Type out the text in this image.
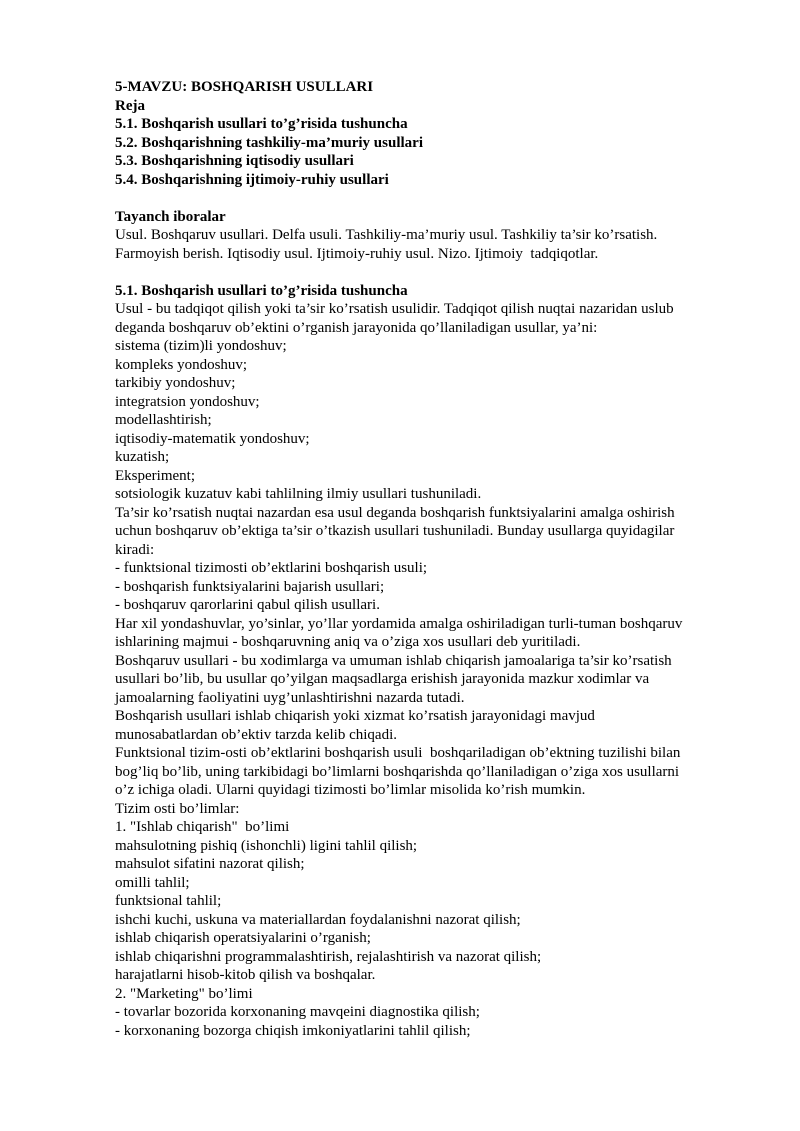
5-MAVZU: BOSHQARISH USULLARI
Reja
5.1. Boshqarish usullari to’g’risida tushuncha
5.2. Boshqarishning tashkiliy-ma’muriy usullari
5.3. Boshqarishning iqtisodiy usullari
5.4. Boshqarishning ijtimoiy-ruhiy usullari
Tayanch iboralar
Usul. Boshqaruv usullari. Delfa usuli. Tashkiliy-ma’muriy usul. Tashkiliy ta’sir ko’rsatish.
Farmoyish berish. Iqtisodiy usul. Ijtimoiy-ruhiy usul. Nizo. Ijtimoiy  tadqiqotlar.
5.1. Boshqarish usullari to’g’risida tushuncha
Usul - bu tadqiqot qilish yoki ta’sir ko’rsatish usulidir. Tadqiqot qilish nuqtai nazaridan uslub
deganda boshqaruv ob’ektini o’rganish jarayonida qo’llaniladigan usullar, ya’ni:
sistema (tizim)li yondoshuv;
kompleks yondoshuv;
tarkibiy yondoshuv;
integratsion yondoshuv;
modellashtirish;
iqtisodiy-matematik yondoshuv;
kuzatish;
Eksperiment;
sotsiologik kuzatuv kabi tahlilning ilmiy usullari tushuniladi.
Ta’sir ko’rsatish nuqtai nazardan esa usul deganda boshqarish funktsiyalarini amalga oshirish
uchun boshqaruv ob’ektiga ta’sir o’tkazish usullari tushuniladi. Bunday usullarga quyidagilar
kiradi:
- funktsional tizimosti ob’ektlarini boshqarish usuli;
- boshqarish funktsiyalarini bajarish usullari;
- boshqaruv qarorlarini qabul qilish usullari.
Har xil yondashuvlar, yo’sinlar, yo’llar yordamida amalga oshiriladigan turli-tuman boshqaruv
ishlarining majmui - boshqaruvning aniq va o’ziga xos usullari deb yuritiladi.
Boshqaruv usullari - bu xodimlarga va umuman ishlab chiqarish jamoalariga ta’sir ko’rsatish
usullari bo’lib, bu usullar qo’yilgan maqsadlarga erishish jarayonida mazkur xodimlar va
jamoalarning faoliyatini uyg’unlashtirishni nazarda tutadi.
Boshqarish usullari ishlab chiqarish yoki xizmat ko’rsatish jarayonidagi mavjud
munosabatlardan ob’ektiv tarzda kelib chiqadi.
Funktsional tizim-osti ob’ektlarini boshqarish usuli  boshqariladigan ob’ektning tuzilishi bilan
bog’liq bo’lib, uning tarkibidagi bo’limlarni boshqarishda qo’llaniladigan o’ziga xos usullarni
o’z ichiga oladi. Ularni quyidagi tizimosti bo’limlar misolida ko’rish mumkin.
Tizim osti bo’limlar:
1. "Ishlab chiqarish"  bo’limi
mahsulotning pishiq (ishonchli) ligini tahlil qilish;
mahsulot sifatini nazorat qilish;
omilli tahlil;
funktsional tahlil;
ishchi kuchi, uskuna va materiallardan foydalanishni nazorat qilish;
ishlab chiqarish operatsiyalarini o’rganish;
ishlab chiqarishni programmalashtirish, rejalashtirish va nazorat qilish;
harajatlarni hisob-kitob qilish va boshqalar.
2. "Marketing" bo’limi
- tovarlar bozorida korxonaning mavqeini diagnostika qilish;
- korxonaning bozorga chiqish imkoniyatlarini tahlil qilish;
